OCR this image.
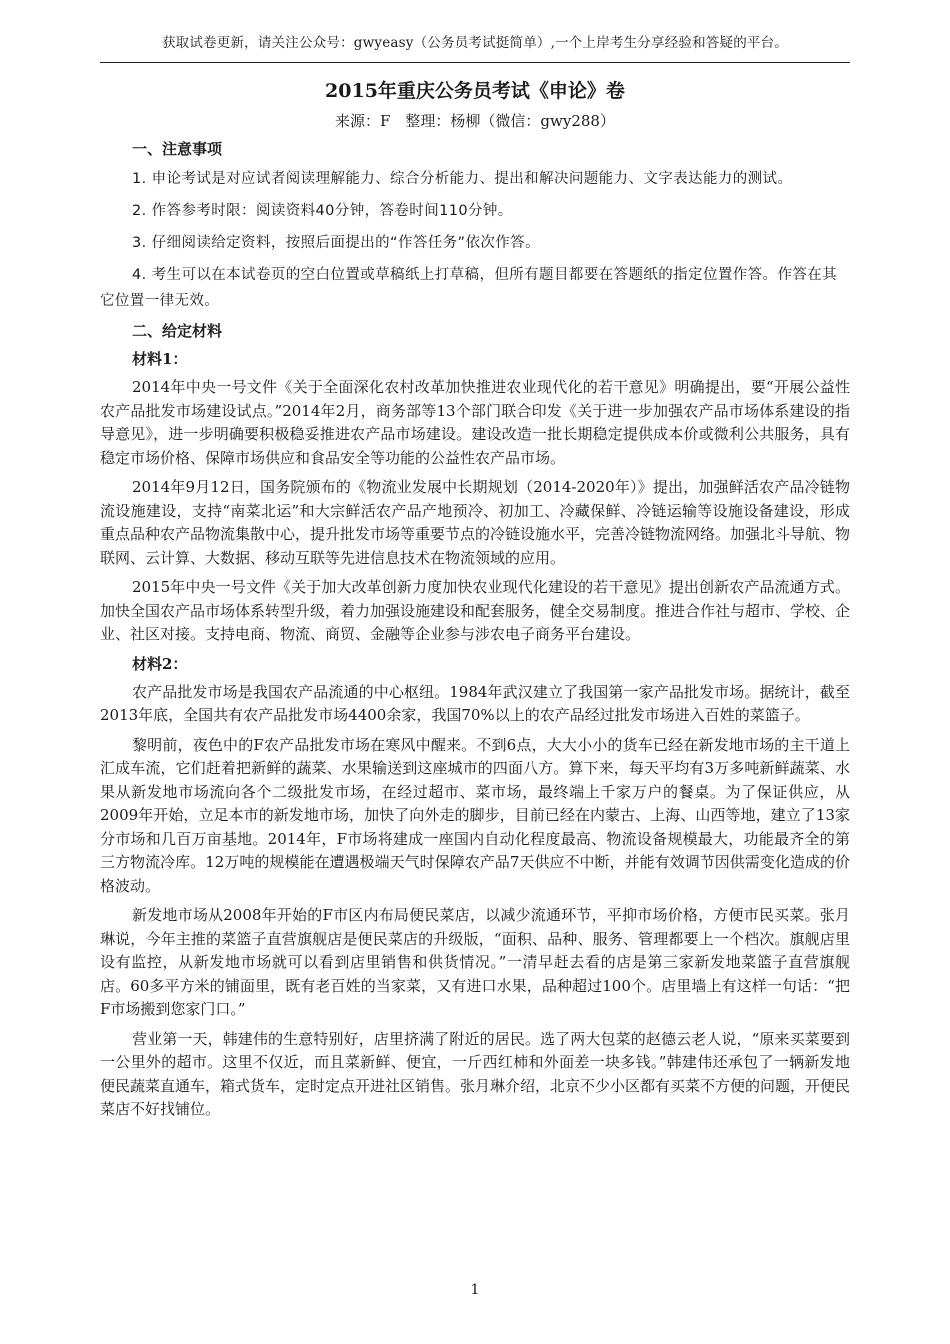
获取试卷更新，请关注公众号：gwyeasy（公务员考试挺简单）,一个上岸考生分享经验和答疑的平台。
2015年重庆公务员考试《申论》卷
来源：F　整理：杨柳（微信：gwy288）
一、注意事项
1. 申论考试是对应试者阅读理解能力、综合分析能力、提出和解决问题能力、文字表达能力的测试。
2. 作答参考时限：阅读资料40分钟，答卷时间110分钟。
3. 仔细阅读给定资料，按照后面提出的“作答任务”依次作答。
4. 考生可以在本试卷页的空白位置或草稿纸上打草稿，但所有题目都要在答题纸的指定位置作答。作答在其它位置一律无效。
二、给定材料
材料1：
2014年中央一号文件《关于全面深化农村改革加快推进农业现代化的若干意见》明确提出，要“开展公益性农产品批发市场建设试点。”2014年2月，商务部等13个部门联合印发《关于进一步加强农产品市场体系建设的指导意见》，进一步明确要积极稳妥推进农产品市场建设。建设改造一批长期稳定提供成本价或微利公共服务，具有稳定市场价格、保障市场供应和食品安全等功能的公益性农产品市场。
2014年9月12日，国务院颁布的《物流业发展中长期规划（2014-2020年）》提出，加强鲜活农产品冷链物流设施建设，支持“南菜北运”和大宗鲜活农产品产地预冷、初加工、冷藏保鲜、冷链运输等设施设备建设，形成重点品种农产品物流集散中心，提升批发市场等重要节点的冷链设施水平，完善冷链物流网络。加强北斗导航、物联网、云计算、大数据、移动互联等先进信息技术在物流领域的应用。
2015年中央一号文件《关于加大改革创新力度加快农业现代化建设的若干意见》提出创新农产品流通方式。加快全国农产品市场体系转型升级，着力加强设施建设和配套服务，健全交易制度。推进合作社与超市、学校、企业、社区对接。支持电商、物流、商贸、金融等企业参与涉农电子商务平台建设。
材料2：
农产品批发市场是我国农产品流通的中心枢纽。1984年武汉建立了我国第一家产品批发市场。据统计，截至2013年底，全国共有农产品批发市场4400余家，我国70%以上的农产品经过批发市场进入百姓的菜篮子。
黎明前，夜色中的F农产品批发市场在寒风中醒来。不到6点，大大小小的货车已经在新发地市场的主干道上汇成车流，它们赶着把新鲜的蔬菜、水果输送到这座城市的四面八方。算下来，每天平均有3万多吨新鲜蔬菜、水果从新发地市场流向各个二级批发市场，在经过超市、菜市场，最终端上千家万户的餐桌。为了保证供应，从2009年开始，立足本市的新发地市场，加快了向外走的脚步，目前已经在内蒙古、上海、山西等地，建立了13家分市场和几百万亩基地。2014年，F市场将建成一座国内自动化程度最高、物流设备规模最大，功能最齐全的第三方物流冷库。12万吨的规模能在遭遇极端天气时保障农产品7天供应不中断，并能有效调节因供需变化造成的价格波动。
新发地市场从2008年开始的F市区内布局便民菜店，以减少流通环节，平抑市场价格，方便市民买菜。张月琳说，今年主推的菜篮子直营旗舰店是便民菜店的升级版，“面积、品种、服务、管理都要上一个档次。旗舰店里设有监控，从新发地市场就可以看到店里销售和供货情况。”一清早赶去看的店是第三家新发地菜篮子直营旗舰店。60多平方米的铺面里，既有老百姓的当家菜，又有进口水果，品种超过100个。店里墙上有这样一句话：“把F市场搬到您家门口。”
营业第一天，韩建伟的生意特别好，店里挤满了附近的居民。选了两大包菜的赵德云老人说，“原来买菜要到一公里外的超市。这里不仅近，而且菜新鲜、便宜，一斤西红柿和外面差一块多钱。”韩建伟还承包了一辆新发地便民蔬菜直通车，箱式货车，定时定点开进社区销售。张月琳介绍，北京不少小区都有买菜不方便的问题，开便民菜店不好找铺位。
1
